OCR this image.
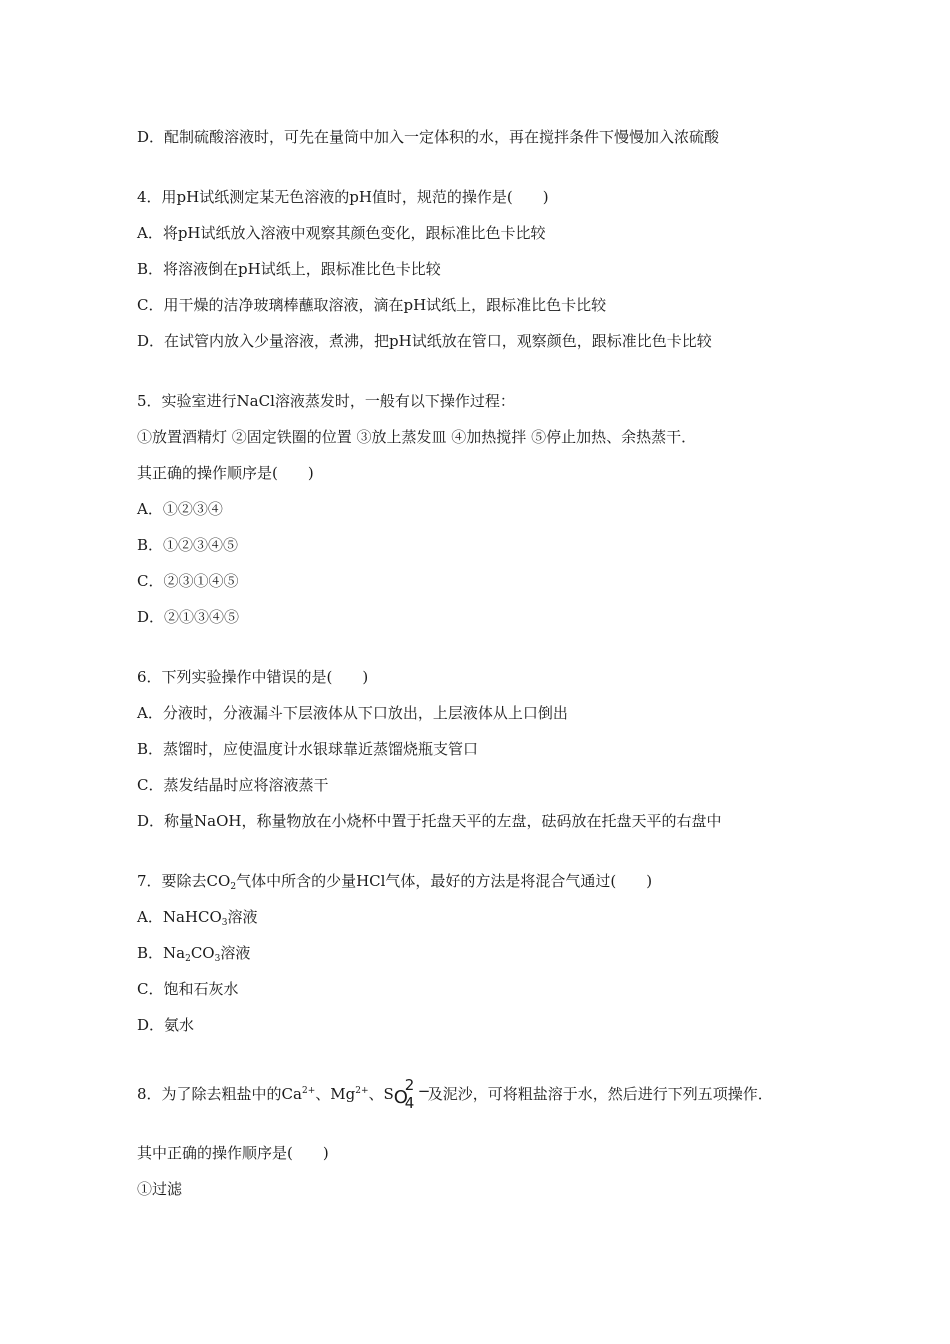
D．配制硫酸溶液时，可先在量筒中加入一定体积的水，再在搅拌条件下慢慢加入浓硫酸
4．用pH试纸测定某无色溶液的pH值时，规范的操作是(　　)
A．将pH试纸放入溶液中观察其颜色变化，跟标准比色卡比较
B．将溶液倒在pH试纸上，跟标准比色卡比较
C．用干燥的洁净玻璃棒蘸取溶液，滴在pH试纸上，跟标准比色卡比较
D．在试管内放入少量溶液，煮沸，把pH试纸放在管口，观察颜色，跟标准比色卡比较
5．实验室进行NaCl溶液蒸发时，一般有以下操作过程：
①放置酒精灯 ②固定铁圈的位置 ③放上蒸发皿 ④加热搅拌 ⑤停止加热、余热蒸干．
其正确的操作顺序是(　　)
A．①②③④
B．①②③④⑤
C．②③①④⑤
D．②①③④⑤
6．下列实验操作中错误的是(　　)
A．分液时，分液漏斗下层液体从下口放出，上层液体从上口倒出
B．蒸馏时，应使温度计水银球靠近蒸馏烧瓶支管口
C．蒸发结晶时应将溶液蒸干
D．称量NaOH，称量物放在小烧杯中置于托盘天平的左盘，砝码放在托盘天平的右盘中
7．要除去$CO_2$气体中所含的少量HCl气体，最好的方法是将混合气通过(　　)
A．NaHCO$_3$溶液
B．$Na_2CO_3$溶液
C．饱和石灰水
D．氨水
8．为了除去粗盐中的$Ca^{2+}$、$Mg^{2+}$、S O
4
2 −
及泥沙，可将粗盐溶于水，然后进行下列五项操作．
其中正确的操作顺序是(　　)
①过滤
